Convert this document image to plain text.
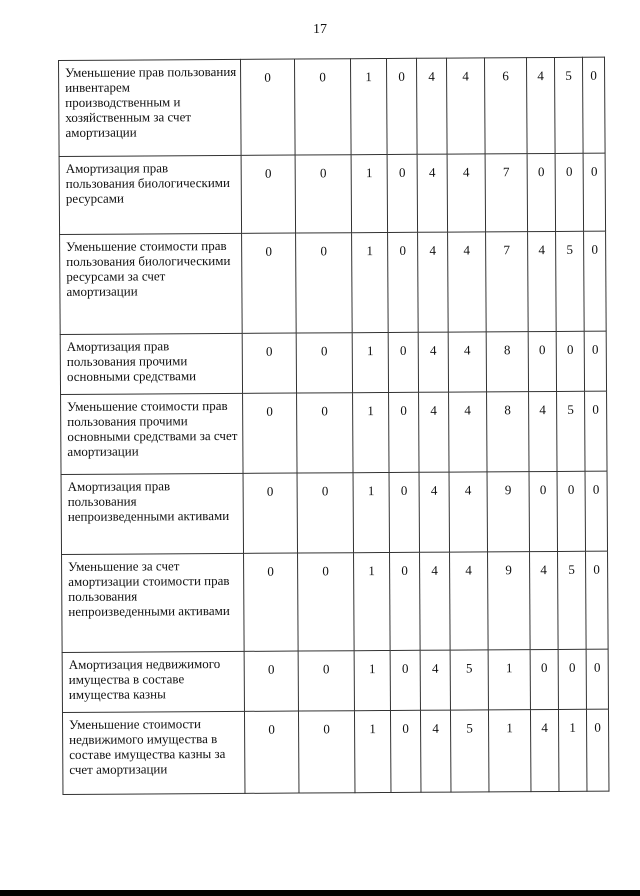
17
Уменьшение прав пользования инвентарем производственным и хозяйственным за счет амортизации	0	0	1	0	4	4	6	4	5	0
Амортизация прав пользования биологическими ресурсами	0	0	1	0	4	4	7	0	0	0
Уменьшение стоимости прав пользования биологическими ресурсами за счет амортизации	0	0	1	0	4	4	7	4	5	0
Амортизация прав пользования прочими основными средствами	0	0	1	0	4	4	8	0	0	0
Уменьшение стоимости прав пользования прочими основными средствами за счет амортизации	0	0	1	0	4	4	8	4	5	0
Амортизация прав пользования непроизведенными активами	0	0	1	0	4	4	9	0	0	0
Уменьшение за счет амортизации стоимости прав пользования непроизведенными активами	0	0	1	0	4	4	9	4	5	0
Амортизация недвижимого имущества в составе имущества казны	0	0	1	0	4	5	1	0	0	0
Уменьшение стоимости недвижимого имущества в составе имущества казны за счет амортизации	0	0	1	0	4	5	1	4	1	0
